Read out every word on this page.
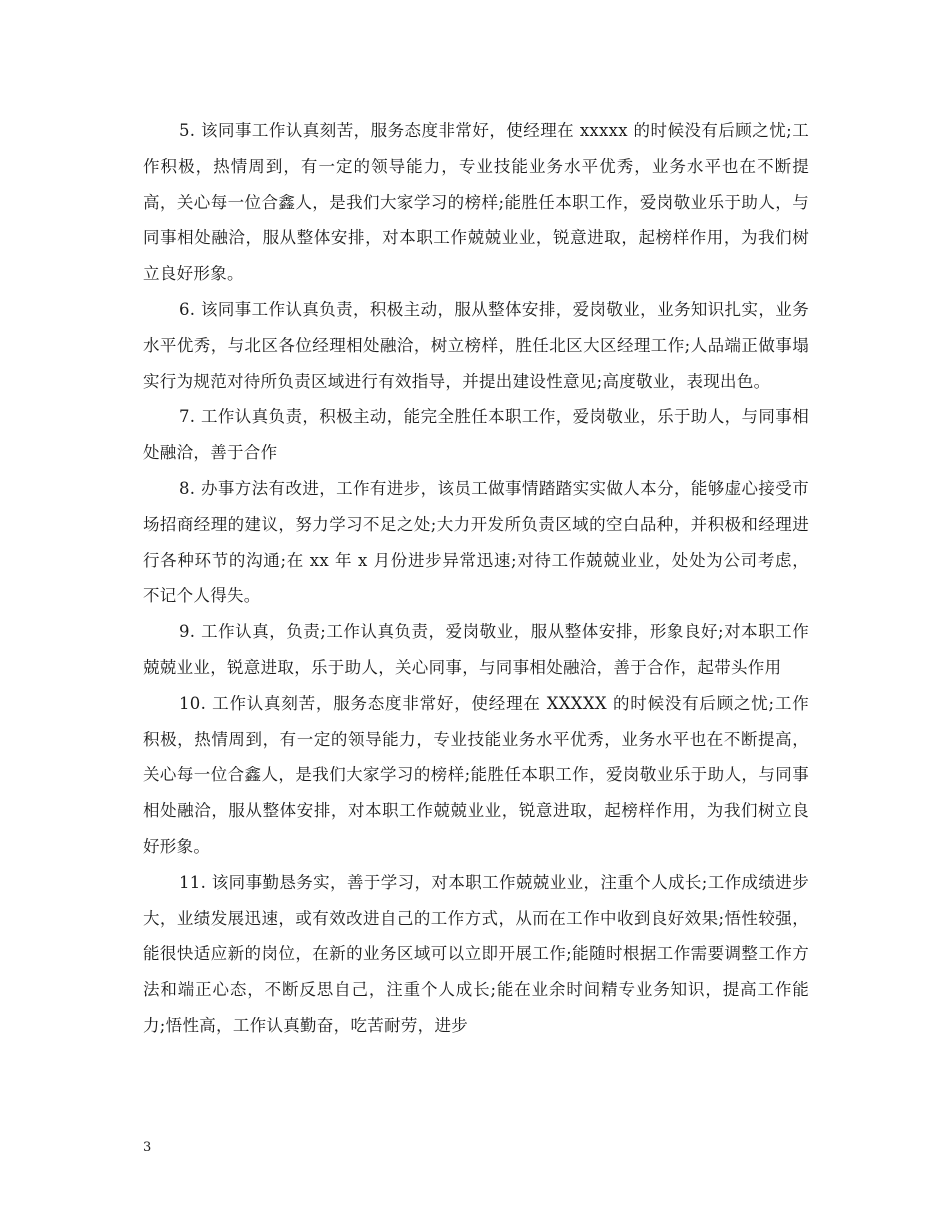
5. 该同事工作认真刻苦，服务态度非常好，使经理在 xxxxx 的时候没有后顾之忧;工作积极，热情周到，有一定的领导能力，专业技能业务水平优秀，业务水平也在不断提高，关心每一位合鑫人，是我们大家学习的榜样;能胜任本职工作，爱岗敬业乐于助人，与同事相处融洽，服从整体安排，对本职工作兢兢业业，锐意进取，起榜样作用，为我们树立良好形象。

6. 该同事工作认真负责，积极主动，服从整体安排，爱岗敬业，业务知识扎实，业务水平优秀，与北区各位经理相处融洽，树立榜样，胜任北区大区经理工作;人品端正做事塌实行为规范对待所负责区域进行有效指导，并提出建设性意见;高度敬业，表现出色。

7. 工作认真负责，积极主动，能完全胜任本职工作，爱岗敬业，乐于助人，与同事相处融洽，善于合作

8. 办事方法有改进，工作有进步，该员工做事情踏踏实实做人本分，能够虚心接受市场招商经理的建议，努力学习不足之处;大力开发所负责区域的空白品种，并积极和经理进行各种环节的沟通;在 xx 年 x 月份进步异常迅速;对待工作兢兢业业，处处为公司考虑，不记个人得失。

9. 工作认真，负责;工作认真负责，爱岗敬业，服从整体安排，形象良好;对本职工作兢兢业业，锐意进取，乐于助人，关心同事，与同事相处融洽，善于合作，起带头作用

10. 工作认真刻苦，服务态度非常好，使经理在 XXXXX 的时候没有后顾之忧;工作积极，热情周到，有一定的领导能力，专业技能业务水平优秀，业务水平也在不断提高，关心每一位合鑫人，是我们大家学习的榜样;能胜任本职工作，爱岗敬业乐于助人，与同事相处融洽，服从整体安排，对本职工作兢兢业业，锐意进取，起榜样作用，为我们树立良好形象。

11. 该同事勤恳务实，善于学习，对本职工作兢兢业业，注重个人成长;工作成绩进步大，业绩发展迅速，或有效改进自己的工作方式，从而在工作中收到良好效果;悟性较强，能很快适应新的岗位，在新的业务区域可以立即开展工作;能随时根据工作需要调整工作方法和端正心态，不断反思自己，注重个人成长;能在业余时间精专业务知识，提高工作能力;悟性高，工作认真勤奋，吃苦耐劳，进步

3
